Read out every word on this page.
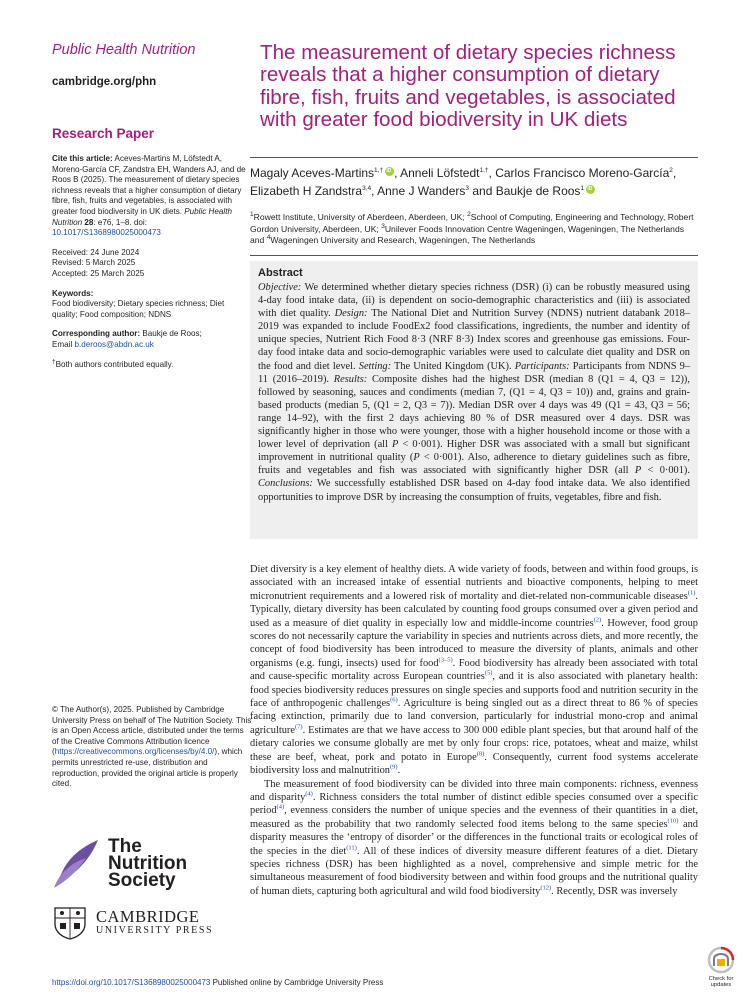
Public Health Nutrition
cambridge.org/phn
Research Paper
Cite this article: Aceves-Martins M, Löfstedt A, Moreno-García CF, Zandstra EH, Wanders AJ, and de Roos B (2025). The measurement of dietary species richness reveals that a higher consumption of dietary fibre, fish, fruits and vegetables, is associated with greater food biodiversity in UK diets. Public Health Nutrition 28: e76, 1–8. doi: 10.1017/S1368980025000473
Received: 24 June 2024
Revised: 5 March 2025
Accepted: 25 March 2025
Keywords:
Food biodiversity; Dietary species richness; Diet quality; Food composition; NDNS
Corresponding author: Baukje de Roos;
Email b.deroos@abdn.ac.uk
†Both authors contributed equally.
© The Author(s), 2025. Published by Cambridge University Press on behalf of The Nutrition Society. This is an Open Access article, distributed under the terms of the Creative Commons Attribution licence (https://creativecommons.org/licenses/by/4.0/), which permits unrestricted re-use, distribution and reproduction, provided the original article is properly cited.
The
Nutrition
Society
CAMBRIDGE
UNIVERSITY PRESS
The measurement of dietary species richness reveals that a higher consumption of dietary fibre, fish, fruits and vegetables, is associated with greater food biodiversity in UK diets
Magaly Aceves-Martins$^{1,\dagger}$iD , Anneli Löfstedt$^{1,\dagger}$, Carlos Francisco Moreno-García$^2$,
Elizabeth H Zandstra$^{3,4}$, Anne J Wanders$^3$ and Baukje de Roos$^1$iD
$^1$Rowett Institute, University of Aberdeen, Aberdeen, UK; $^2$School of Computing, Engineering and Technology, Robert Gordon University, Aberdeen, UK; $^3$Unilever Foods Innovation Centre Wageningen, Wageningen, The Netherlands and $^4$Wageningen University and Research, Wageningen, The Netherlands
Abstract
Objective: We determined whether dietary species richness (DSR) (i) can be robustly measured using 4-day food intake data, (ii) is dependent on socio-demographic characteristics and (iii) is associated with diet quality. Design: The National Diet and Nutrition Survey (NDNS) nutrient databank 2018–2019 was expanded to include FoodEx2 food classifications, ingredients, the number and identity of unique species, Nutrient Rich Food 8·3 (NRF 8·3) Index scores and greenhouse gas emissions. Four-day food intake data and socio-demographic variables were used to calculate diet quality and DSR on the food and diet level. Setting: The United Kingdom (UK). Participants: Participants from NDNS 9–11 (2016–2019). Results: Composite dishes had the highest DSR (median 8 (Q1 = 4, Q3 = 12)), followed by seasoning, sauces and condiments (median 7, (Q1 = 4, Q3 = 10)) and, grains and grain-based products (median 5, (Q1 = 2, Q3 = 7)). Median DSR over 4 days was 49 (Q1 = 43, Q3 = 56; range 14–92), with the first 2 days achieving 80 % of DSR measured over 4 days. DSR was significantly higher in those who were younger, those with a higher household income or those with a lower level of deprivation (all P < 0·001). Higher DSR was associated with a small but significant improvement in nutritional quality (P < 0·001). Also, adherence to dietary guidelines such as fibre, fruits and vegetables and fish was associated with significantly higher DSR (all P < 0·001). Conclusions: We successfully established DSR based on 4-day food intake data. We also identified opportunities to improve DSR by increasing the consumption of fruits, vegetables, fibre and fish.

Diet diversity is a key element of healthy diets. A wide variety of foods, between and within food groups, is associated with an increased intake of essential nutrients and bioactive components, helping to meet micronutrient requirements and a lowered risk of mortality and diet-related non-communicable diseases$^{(1)}$. Typically, dietary diversity has been calculated by counting food groups consumed over a given period and used as a measure of diet quality in especially low and middle-income countries$^{(2)}$. However, food group scores do not necessarily capture the variability in species and nutrients across diets, and more recently, the concept of food biodiversity has been introduced to measure the diversity of plants, animals and other organisms (e.g. fungi, insects) used for food$^{(3-5)}$. Food biodiversity has already been associated with total and cause-specific mortality across European countries$^{(5)}$, and it is also associated with planetary health: food species biodiversity reduces pressures on single species and supports food and nutrition security in the face of anthropogenic challenges$^{(6)}$. Agriculture is being singled out as a direct threat to 86 % of species facing extinction, primarily due to land conversion, particularly for industrial mono-crop and animal agriculture$^{(7)}$. Estimates are that we have access to 300 000 edible plant species, but that around half of the dietary calories we consume globally are met by only four crops: rice, potatoes, wheat and maize, whilst these are beef, wheat, pork and potato in Europe$^{(8)}$. Consequently, current food systems accelerate biodiversity loss and malnutrition$^{(9)}$.

The measurement of food biodiversity can be divided into three main components: richness, evenness and disparity$^{(4)}$. Richness considers the total number of distinct edible species consumed over a specific period$^{(4)}$, evenness considers the number of unique species and the evenness of their quantities in a diet, measured as the probability that two randomly selected food items belong to the same species$^{(10)}$ and disparity measures the ‘entropy of disorder’ or the differences in the functional traits or ecological roles of the species in the diet$^{(11)}$. All of these indices of diversity measure different features of a diet. Dietary species richness (DSR) has been highlighted as a novel, comprehensive and simple metric for the simultaneous measurement of food biodiversity between and within food groups and the nutritional quality of human diets, capturing both agricultural and wild food biodiversity$^{(12)}$. Recently, DSR was inversely

https://doi.org/10.1017/S1368980025000473 Published online by Cambridge University Press	Check for
updates
